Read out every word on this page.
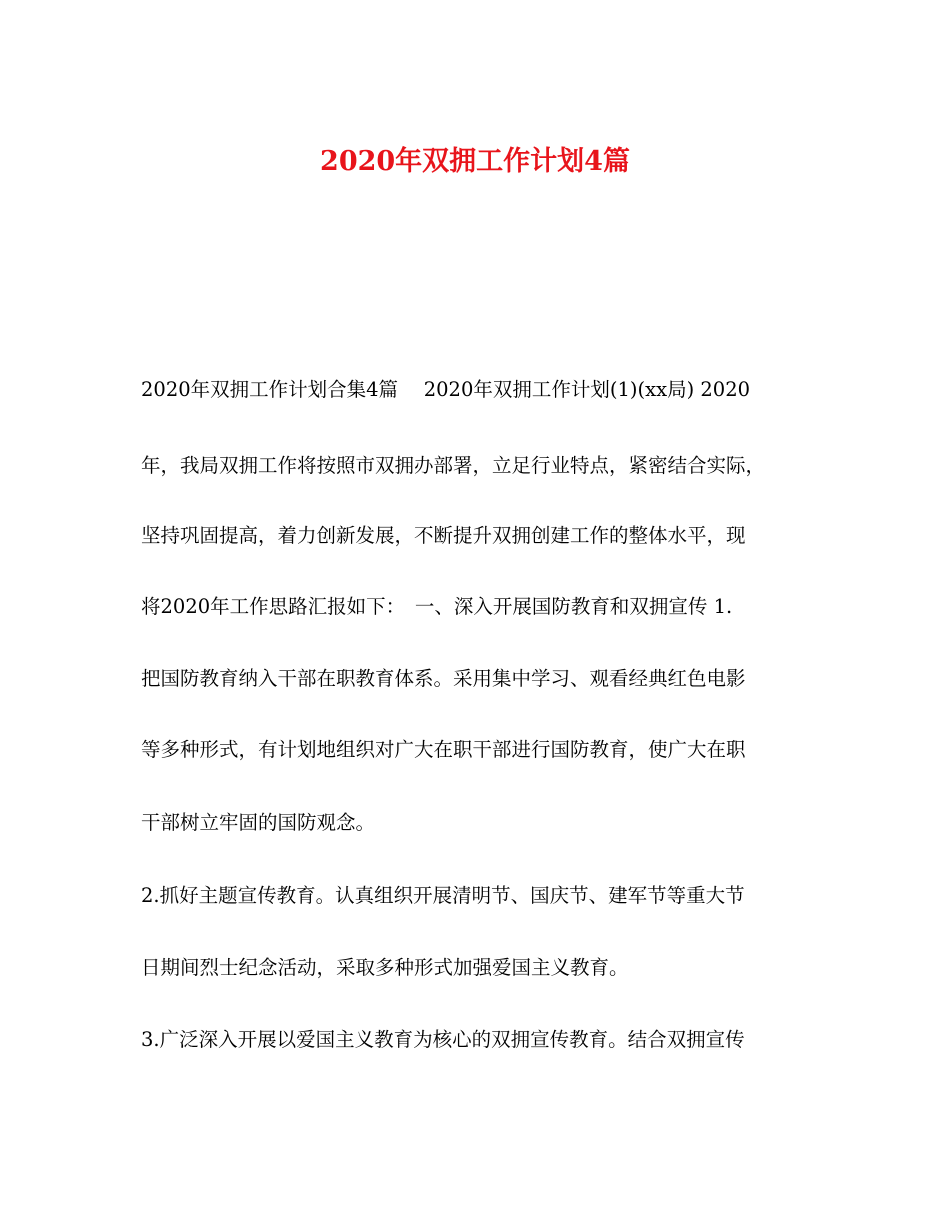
2020年双拥工作计划4篇

2020年双拥工作计划合集4篇　 2020年双拥工作计划(1)(xx局) 2020

年，我局双拥工作将按照市双拥办部署，立足行业特点，紧密结合实际，

坚持巩固提高，着力创新发展，不断提升双拥创建工作的整体水平，现

将2020年工作思路汇报如下：　一、深入开展国防教育和双拥宣传 1.

把国防教育纳入干部在职教育体系。采用集中学习、观看经典红色电影

等多种形式，有计划地组织对广大在职干部进行国防教育，使广大在职

干部树立牢固的国防观念。

2.抓好主题宣传教育。认真组织开展清明节、国庆节、建军节等重大节

日期间烈士纪念活动，采取多种形式加强爱国主义教育。

3.广泛深入开展以爱国主义教育为核心的双拥宣传教育。结合双拥宣传
